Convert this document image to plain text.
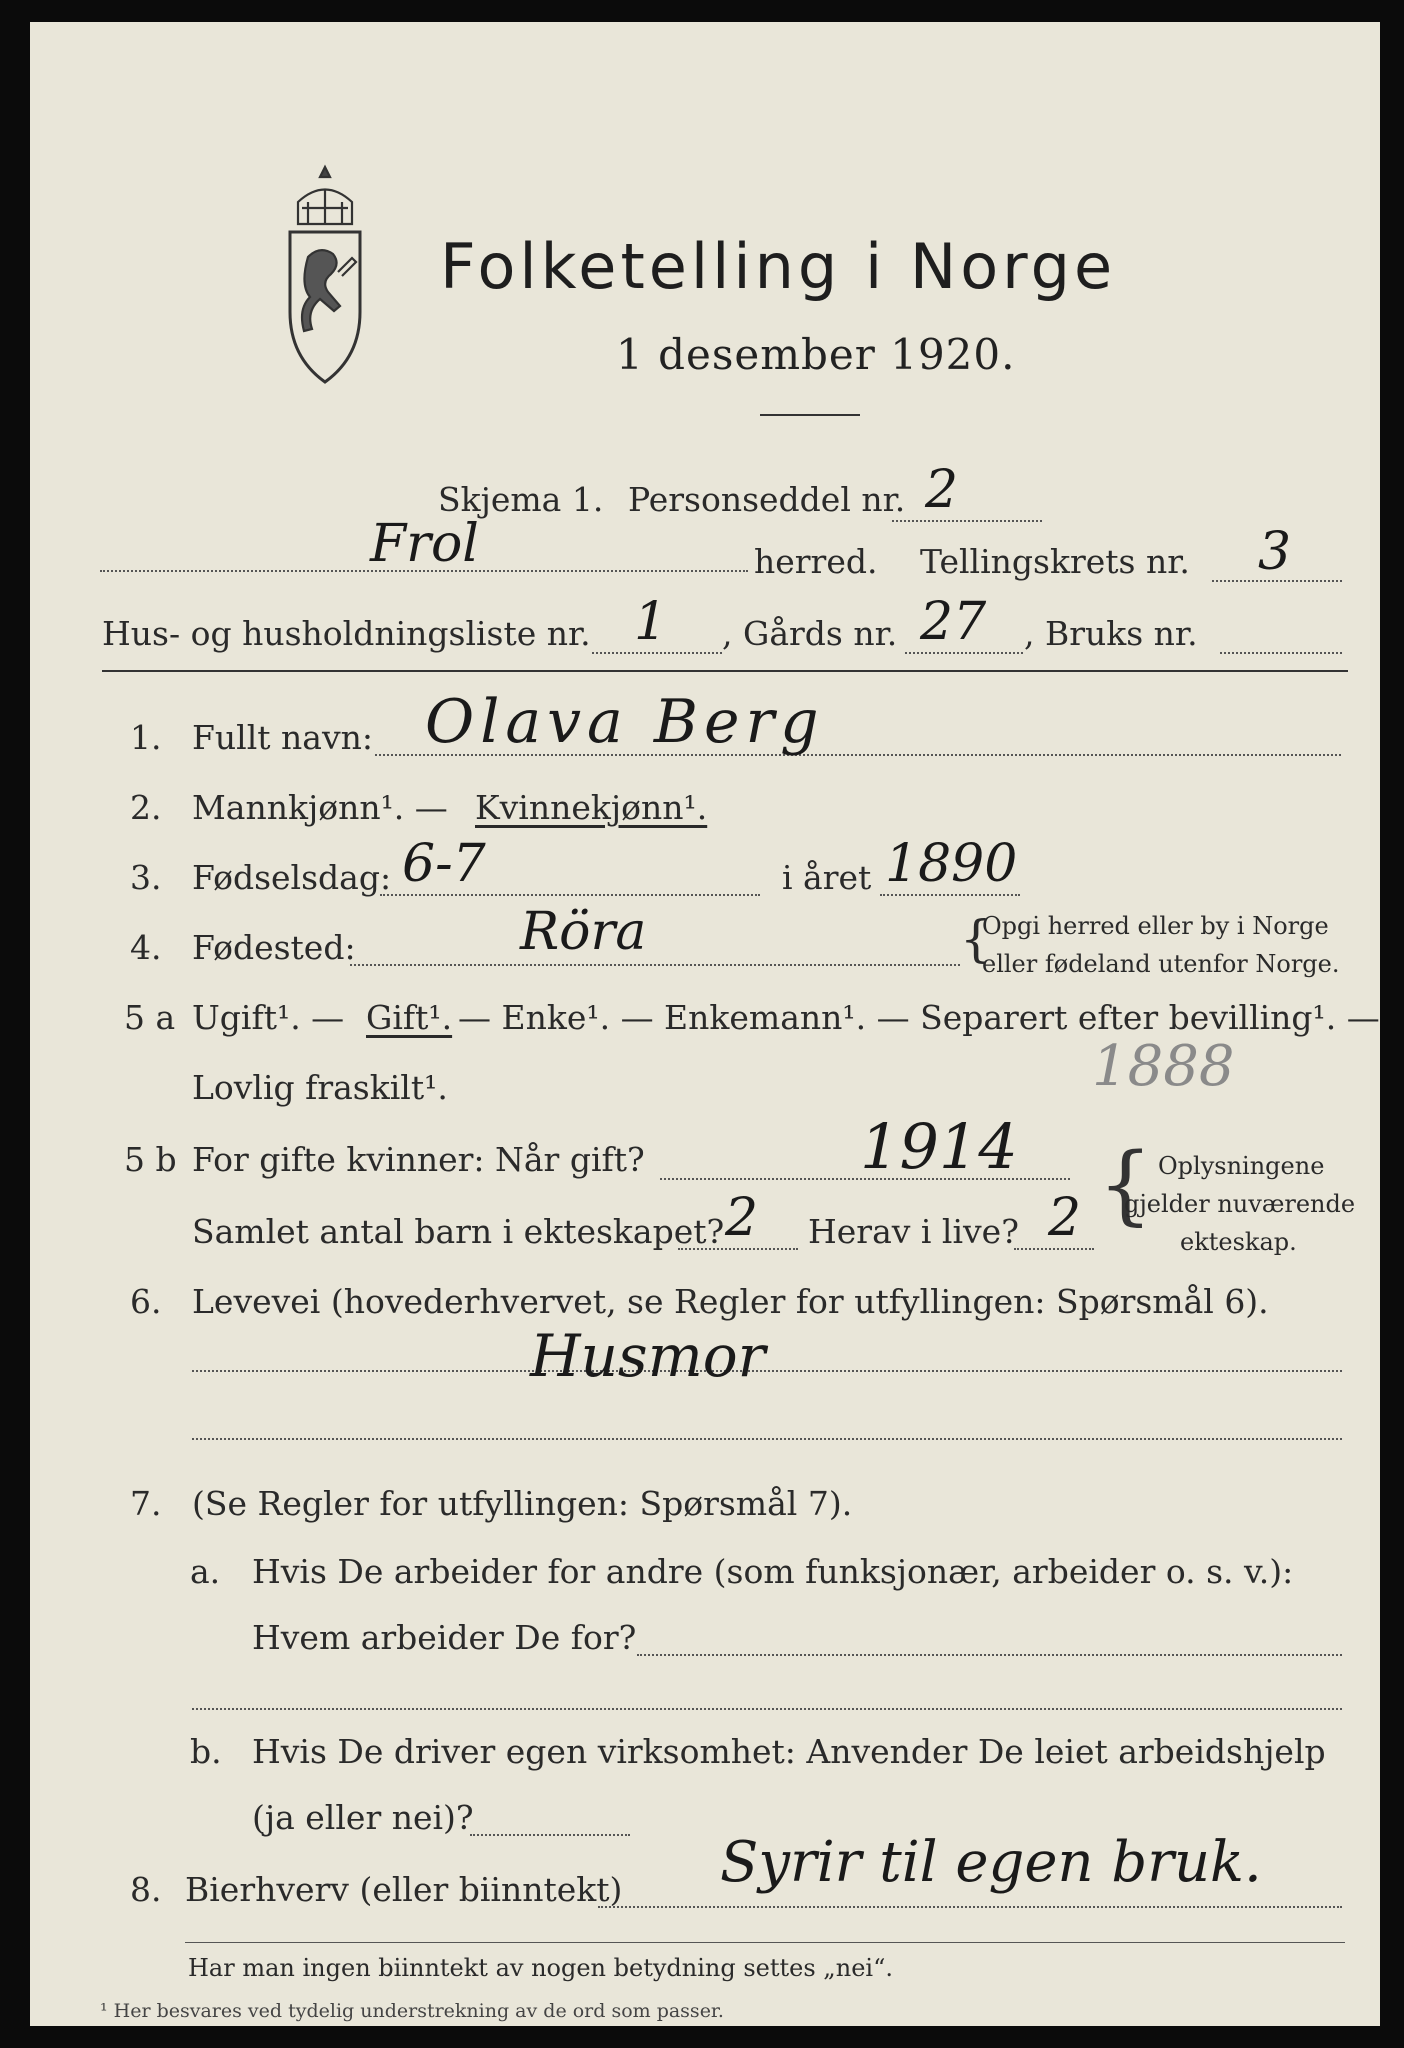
Folketelling i Norge
1 desember 1920.
Skjema 1. Personseddel nr. 2
Frol	herred. Tellingskrets nr. 3
Hus- og husholdningsliste nr. 1 , Gårds nr. 27 , Bruks nr.
1. Fullt navn: Olava Berg
2. Mannkjønn¹. — Kvinnekjønn¹.
3. Fødselsdag: 6-7	i året 1890
4. Fødested:	Röra	{
Opgi herred eller by i Norge
eller fødeland utenfor Norge.
5 a Ugift¹. — Gift¹. — Enke¹. — Enkemann¹. — Separert efter bevilling¹. —
Lovlig fraskilt¹.	1888
5 b For gifte kvinner: Når gift?	1914
Samlet antal barn i ekteskapet? 2 Herav i live? 2 { Oplysningene
gjelder nuværende
ekteskap.
6. Levevei (hovederhvervet, se Regler for utfyllingen: Spørsmål 6).
Husmor
7. (Se Regler for utfyllingen: Spørsmål 7).
a. Hvis De arbeider for andre (som funksjonær, arbeider o. s. v.):
Hvem arbeider De for?
b. Hvis De driver egen virksomhet: Anvender De leiet arbeidshjelp
(ja eller nei)?
8. Bierhverv (eller biinntekt) Syrir til egen bruk.
Har man ingen biinntekt av nogen betydning settes „nei“.
¹ Her besvares ved tydelig understrekning av de ord som passer.
